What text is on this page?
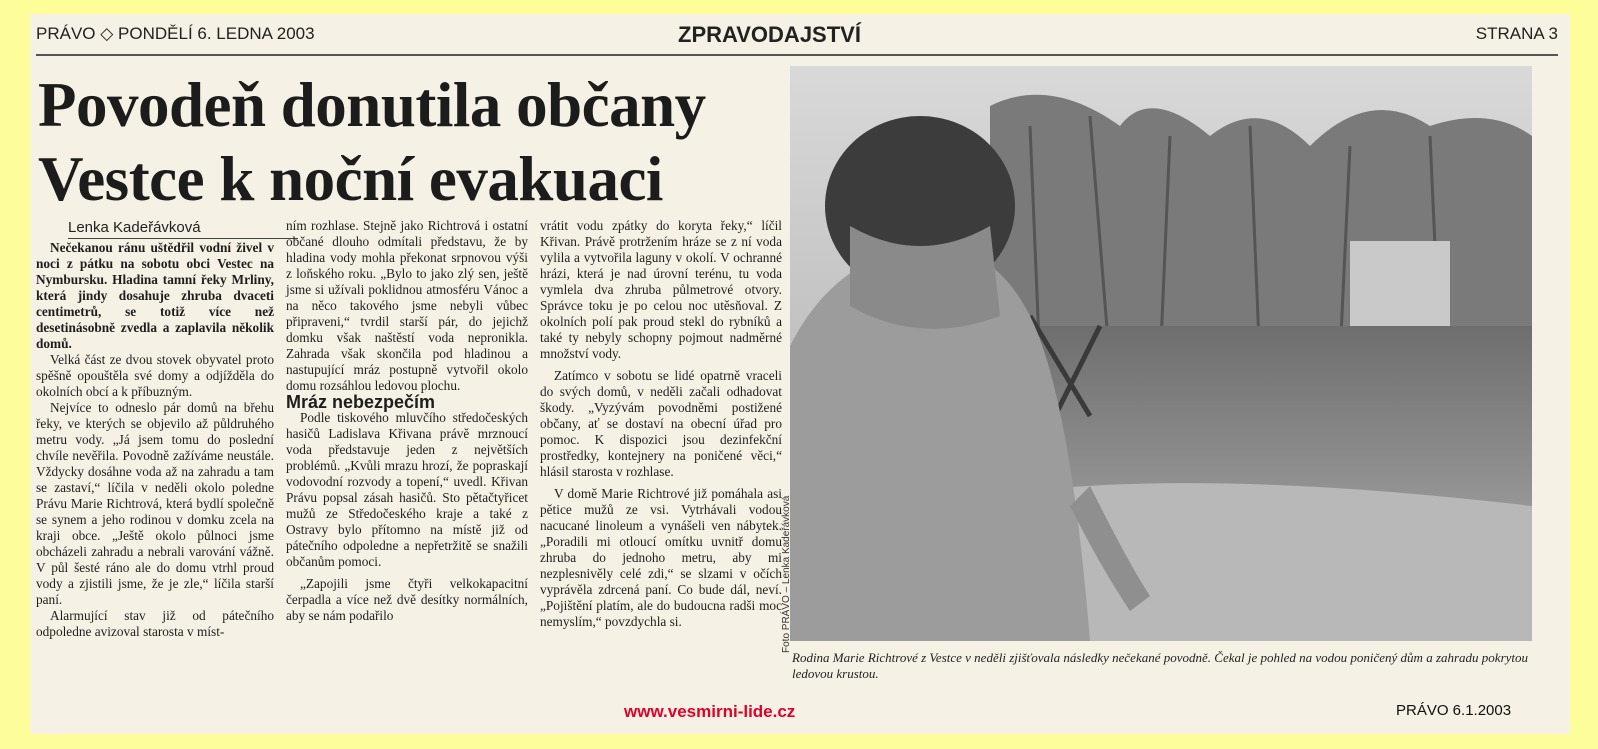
PRÁVO ◇ PONDĚLÍ 6. LEDNA 2003	ZPRAVODAJSTVÍ	STRANA 3
Povodeň donutila občany
Vestce k noční evakuaci
Lenka Kadeřávková

Nečekanou ránu uštědřil vodní živel v noci z pátku na sobotu obci Vestec na Nymbursku. Hladina tamní řeky Mrliny, která jindy dosahuje zhruba dvaceti centimetrů, se totiž více než desetinásobně zvedla a zaplavila několik domů.

Velká část ze dvou stovek obyvatel proto spěšně opouštěla své domy a odjížděla do okolních obcí a k příbuzným.

Nejvíce to odneslo pár domů na břehu řeky, ve kterých se objevilo až půldruhého metru vody. „Já jsem tomu do poslední chvíle nevěřila. Povodně zažíváme neustále. Vždycky dosáhne voda až na zahradu a tam se zastaví,“ líčila v neděli okolo poledne Právu Marie Richtrová, která bydlí společně se synem a jeho rodinou v domku zcela na kraji obce. „Ještě okolo půlnoci jsme obcházeli zahradu a nebrali varování vážně. V půl šesté ráno ale do domu vtrhl proud vody a zjistili jsme, že je zle,“ líčila starší paní.

Alarmující stav již od pátečního odpoledne avizoval starosta v míst-

ním rozhlase. Stejně jako Richtrová i ostatní občané dlouho odmítali představu, že by hladina vody mohla překonat srpnovou výši z loňského roku. „Bylo to jako zlý sen, ještě jsme si užívali poklidnou atmosféru Vánoc a na něco takového jsme nebyli vůbec připraveni,“ tvrdil starší pár, do jejichž domku však naštěstí voda nepronikla. Zahrada však skončila pod hladinou a nastupující mráz postupně vytvořil okolo domu rozsáhlou ledovou plochu.

Mráz nebezpečím

Podle tiskového mluvčího středočeských hasičů Ladislava Křivana právě mrznoucí voda představuje jeden z největších problémů. „Kvůli mrazu hrozí, že popraskají vodovodní rozvody a topení,“ uvedl. Křivan Právu popsal zásah hasičů. Sto pětačtyřicet mužů ze Středočeského kraje a také z Ostravy bylo přítomno na místě již od pátečního odpoledne a nepřetržitě se snažili občanům pomoci.

„Zapojili jsme čtyři velkokapacitní čerpadla a více než dvě desítky normálních, aby se nám podařilo

vrátit vodu zpátky do koryta řeky,“ líčil Křivan. Právě protržením hráze se z ní voda vylila a vytvořila laguny v okolí. V ochranné hrázi, která je nad úrovní terénu, tu voda vymlela dva zhruba půlmetrové otvory. Správce toku je po celou noc utěsňoval. Z okolních polí pak proud stekl do rybníků a také ty nebyly schopny pojmout nadměrné množství vody.

Zatímco v sobotu se lidé opatrně vraceli do svých domů, v neděli začali odhadovat škody. „Vyzývám povodněmi postižené občany, ať se dostaví na obecní úřad pro pomoc. K dispozici jsou dezinfekční prostředky, kontejnery na poničené věci,“ hlásil starosta v rozhlase.

V domě Marie Richtrové již pomáhala asi pětice mužů ze vsi. Vytrhávali vodou nacucané linoleum a vynášeli ven nábytek. „Poradili mi otloucí omítku uvnitř domu zhruba do jednoho metru, aby mi nezplesnivěly celé zdi,“ se slzami v očích vyprávěla zdrcená paní. Co bude dál, neví. „Pojištění platím, ale do budoucna radši moc nemyslím,“ povzdychla si.	Foto PRÁVO – Lenka Kadeřávková
Rodina Marie Richtrové z Vestce v neděli zjišťovala následky nečekané povodně. Čekal je pohled na vodou poničený dům a zahradu pokrytou ledovou krustou.
www.vesmirni-lide.cz	PRÁVO 6.1.2003
